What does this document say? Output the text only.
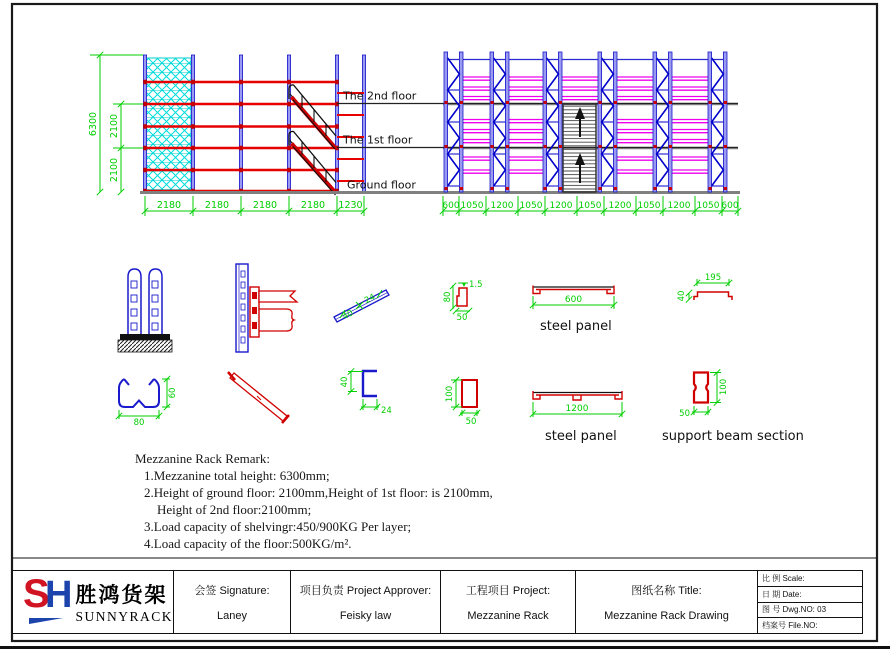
2180	2180	2180	2180 1230
6300 2100
2100
The 2nd floor
The 1st floor
Ground floor
600 1050 1200 1050 1200 1050 1200 1050 1200 1050 600
40
24
1.5
80
50
600
steel panel
195
40
80
60
40
24
100
50
1200
steel panel
100
50
support beam section
Mezzanine Rack Remark:
1.Mezzanine total height: 6300mm;
2.Height of ground floor: 2100mm,Height of 1st floor: is 2100mm,
Height of 2nd floor:2100mm;
3.Load capacity of shelvingr:450/900KG Per layer;
4.Load capacity of the floor:500KG/m².
S
H 胜鸿货架
SUNNYRACK
会签 Signature:
Laney
项目负责 Project Approver:
Feisky law
工程项目 Project:
Mezzanine Rack
图纸名称 Title:
Mezzanine Rack Drawing
比 例 Scale:
日 期 Date:
图 号 Dwg.NO: 03
档案号 File.NO:
